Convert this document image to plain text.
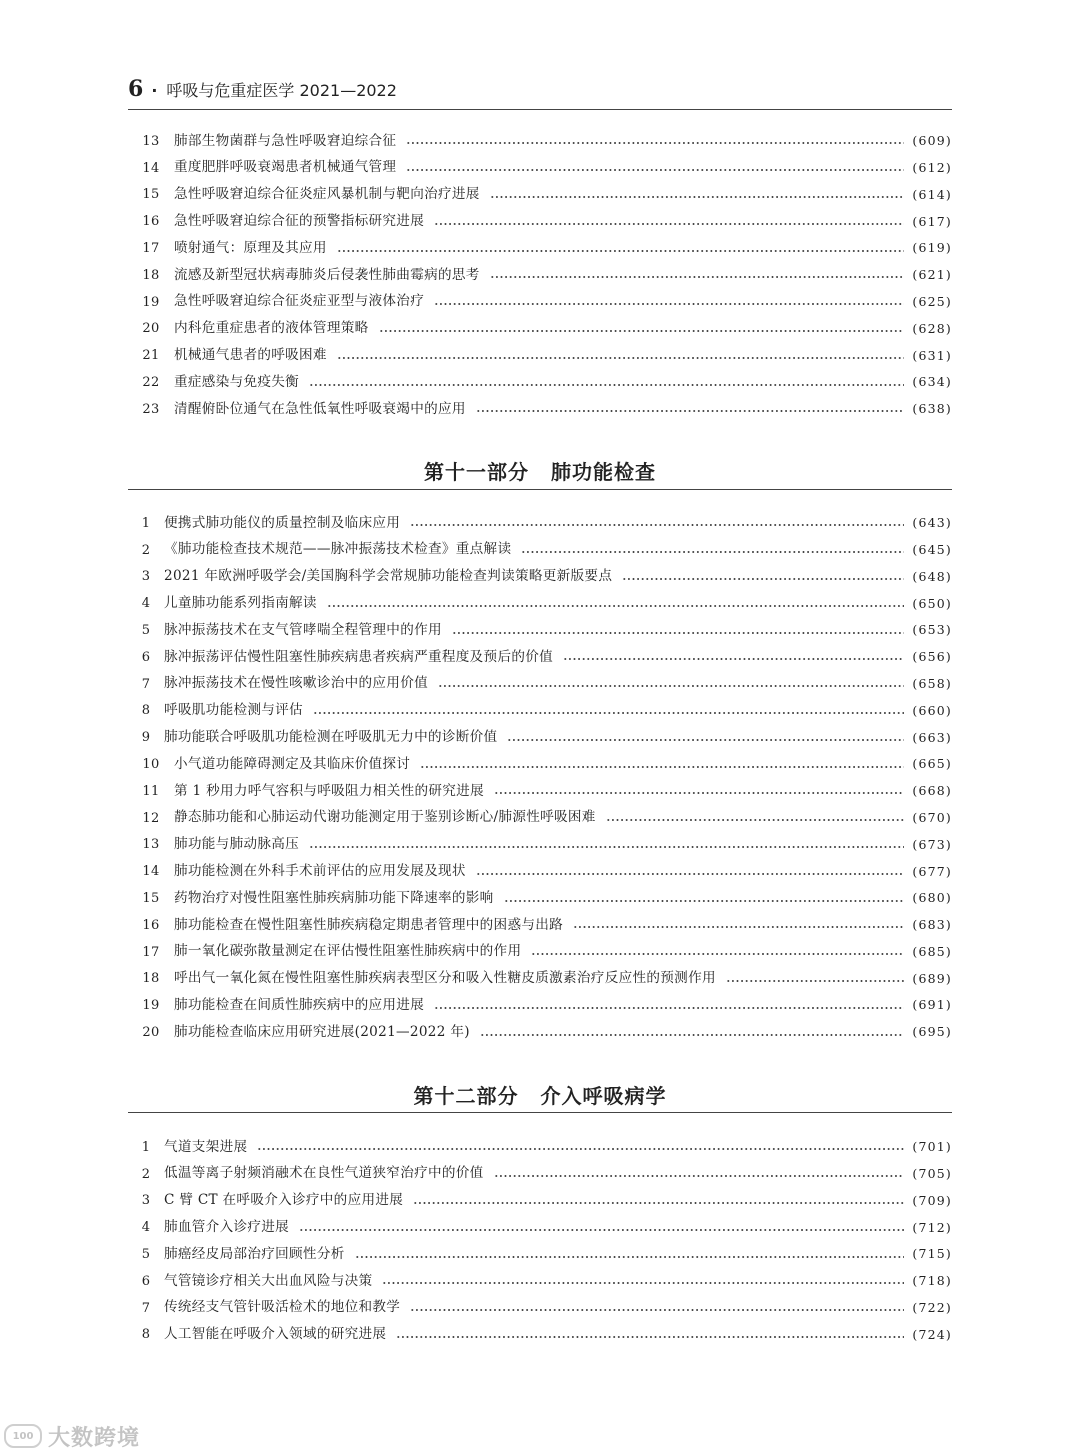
6 · 呼吸与危重症医学 2021—2022
13	肺部生物菌群与急性呼吸窘迫综合征	(609)
14	重度肥胖呼吸衰竭患者机械通气管理	(612)
15	急性呼吸窘迫综合征炎症风暴机制与靶向治疗进展	(614)
16	急性呼吸窘迫综合征的预警指标研究进展	(617)
17	喷射通气：原理及其应用	(619)
18	流感及新型冠状病毒肺炎后侵袭性肺曲霉病的思考	(621)
19	急性呼吸窘迫综合征炎症亚型与液体治疗	(625)
20	内科危重症患者的液体管理策略	(628)
21	机械通气患者的呼吸困难	(631)
22	重症感染与免疫失衡	(634)
23	清醒俯卧位通气在急性低氧性呼吸衰竭中的应用	(638)
第十一部分 肺功能检查
1	便携式肺功能仪的质量控制及临床应用	(643)
2	《肺功能检查技术规范——脉冲振荡技术检查》重点解读	(645)
3	2021 年欧洲呼吸学会/美国胸科学会常规肺功能检查判读策略更新版要点	(648)
4	儿童肺功能系列指南解读	(650)
5	脉冲振荡技术在支气管哮喘全程管理中的作用	(653)
6	脉冲振荡评估慢性阻塞性肺疾病患者疾病严重程度及预后的价值	(656)
7	脉冲振荡技术在慢性咳嗽诊治中的应用价值	(658)
8	呼吸肌功能检测与评估	(660)
9	肺功能联合呼吸肌功能检测在呼吸肌无力中的诊断价值	(663)
10	小气道功能障碍测定及其临床价值探讨	(665)
11	第 1 秒用力呼气容积与呼吸阻力相关性的研究进展	(668)
12	静态肺功能和心肺运动代谢功能测定用于鉴别诊断心/肺源性呼吸困难	(670)
13	肺功能与肺动脉高压	(673)
14	肺功能检测在外科手术前评估的应用发展及现状	(677)
15	药物治疗对慢性阻塞性肺疾病肺功能下降速率的影响	(680)
16	肺功能检查在慢性阻塞性肺疾病稳定期患者管理中的困惑与出路	(683)
17	肺一氧化碳弥散量测定在评估慢性阻塞性肺疾病中的作用	(685)
18	呼出气一氧化氮在慢性阻塞性肺疾病表型区分和吸入性糖皮质激素治疗反应性的预测作用	(689)
19	肺功能检查在间质性肺疾病中的应用进展	(691)
20	肺功能检查临床应用研究进展(2021—2022 年)	(695)
第十二部分 介入呼吸病学
1	气道支架进展	(701)
2	低温等离子射频消融术在良性气道狭窄治疗中的价值	(705)
3	C 臂 CT 在呼吸介入诊疗中的应用进展	(709)
4	肺血管介入诊疗进展	(712)
5	肺癌经皮局部治疗回顾性分析	(715)
6	气管镜诊疗相关大出血风险与决策	(718)
7	传统经支气管针吸活检术的地位和教学	(722)
8	人工智能在呼吸介入领域的研究进展	(724)
100 大数跨境
